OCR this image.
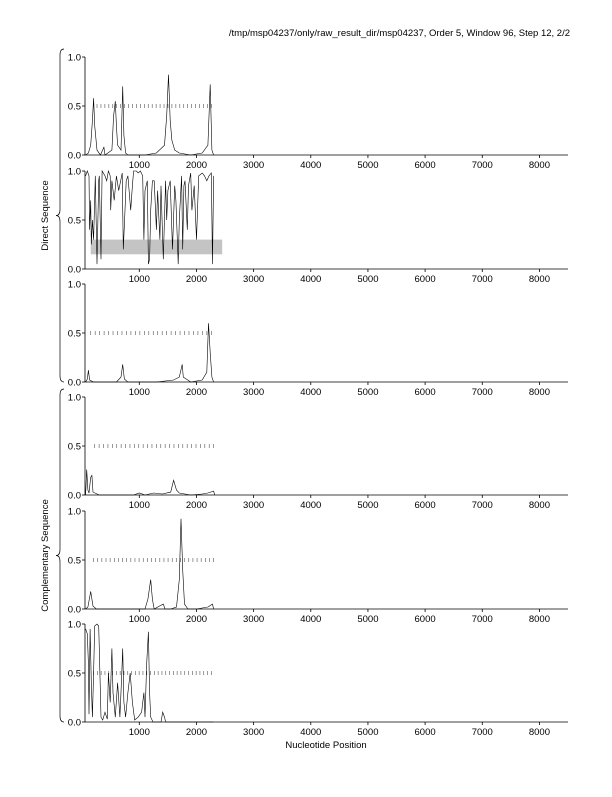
/tmp/msp04237/only/raw_result_dir/msp04237, Order 5, Window 96, Step 12, 2/2
0.0
0.5
1.0
1000	2000	3000	4000	5000	6000	7000	8000
0.0
0.5
1.0
1000	2000	3000	4000	5000	6000	7000	8000
0.0
0.5
1.0
1000	2000	3000	4000	5000	6000	7000	8000
0.0
0.5
1.0
1000	2000	3000	4000	5000	6000	7000	8000
0.0
0.5
1.0
1000	2000	3000	4000	5000	6000	7000	8000
0.0
0.5
1.0
1000	2000	3000	4000	5000	6000	7000	8000
Direct Sequence
Complementary Sequence
Nucleotide Position
